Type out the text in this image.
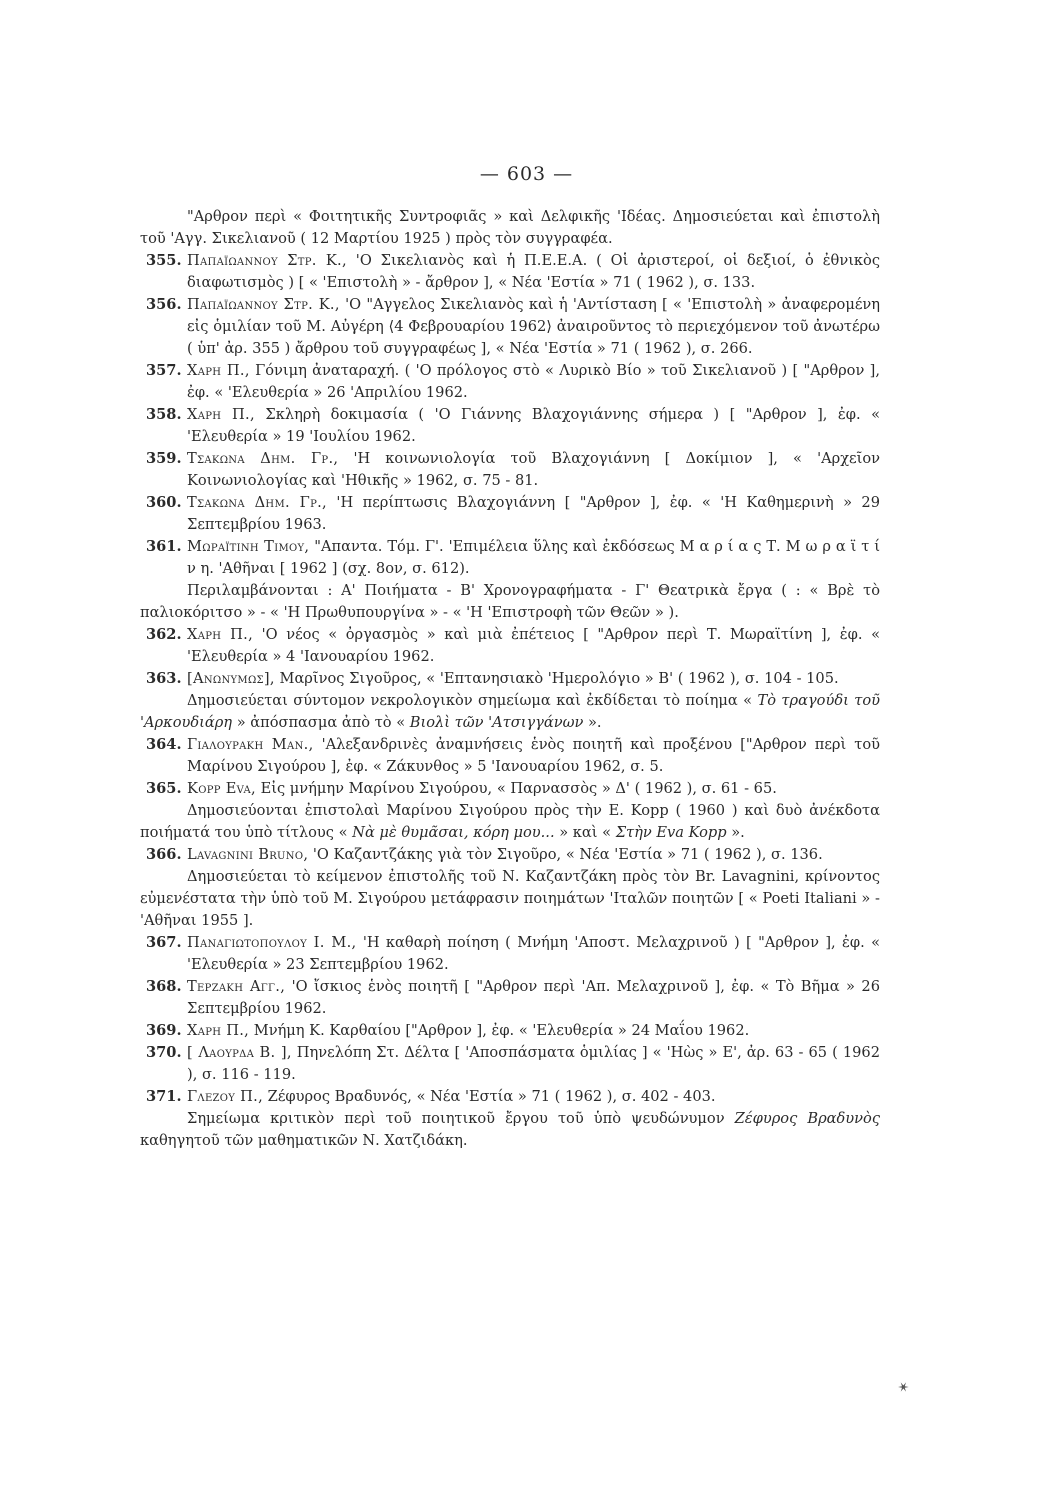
— 603 —

"Αρθρον περὶ « Φοιτητικῆς Συντροφιᾶς » καὶ Δελφικῆς 'Ιδέας. Δημοσιεύεται καὶ ἐπιστολὴ τοῦ 'Αγγ. Σικελιανοῦ ( 12 Μαρτίου 1925 ) πρὸς τὸν συγγραφέα.

355. Παπαϊωαννου Στρ. Κ., 'Ο Σικελιανὸς καὶ ἡ Π.Ε.Ε.Α. ( Οἱ ἀριστεροί, οἱ δεξιοί, ὁ ἐθνικὸς διαφωτισμὸς ) [ « 'Επιστολὴ » - ἄρθρον ], « Νέα 'Εστία » 71 ( 1962 ), σ. 133.
356. Παπαϊωαννου Στρ. Κ., 'Ο "Αγγελος Σικελιανὸς καὶ ἡ 'Αντίσταση [ « 'Επιστολὴ » ἀναφερομένη εἰς ὁμιλίαν τοῦ Μ. Αὐγέρη ⟨4 Φεβρουαρίου 1962⟩ ἀναιροῦντος τὸ περιεχόμενον τοῦ ἀνωτέρω ( ὑπ' ἀρ. 355 ) ἄρθρου τοῦ συγγραφέως ], « Νέα 'Εστία » 71 ( 1962 ), σ. 266.
357. Χαρη Π., Γόνιμη ἀναταραχή. ( 'Ο πρόλογος στὸ « Λυρικὸ Βίο » τοῦ Σικελιανοῦ ) [ "Αρθρον ], ἐφ. « 'Ελευθερία » 26 'Απριλίου 1962.
358. Χαρη Π., Σκληρὴ δοκιμασία ( 'Ο Γιάννης Βλαχογιάννης σήμερα ) [ "Αρθρον ], ἐφ. « 'Ελευθερία » 19 'Ιουλίου 1962.
359. Τσακωνα Δημ. Γρ., 'Η κοινωνιολογία τοῦ Βλαχογιάννη [ Δοκίμιον ], « 'Αρχεῖον Κοινωνιολογίας καὶ 'Ηθικῆς » 1962, σ. 75 - 81.
360. Τσακωνα Δημ. Γρ., 'Η περίπτωσις Βλαχογιάννη [ "Αρθρον ], ἐφ. « 'Η Καθημερινὴ » 29 Σεπτεμβρίου 1963.
361. Μωραϊτινη Τιμου, "Απαντα. Τόμ. Γ'. 'Επιμέλεια ὕλης καὶ ἐκδόσεως Μ α ρ ί α ς Τ. Μ ω ρ α ϊ τ ί ν η. 'Αθῆναι [ 1962 ] (σχ. 8ον, σ. 612).
Περιλαμβάνονται : Α' Ποιήματα - Β' Χρονογραφήματα - Γ' Θεατρικὰ ἔργα ( : « Βρὲ τὸ παλιοκόριτσο » - « 'Η Πρωθυπουργίνα » - « 'Η 'Επιστροφὴ τῶν Θεῶν » ).
362. Χαρη Π., 'Ο νέος « ὀργασμὸς » καὶ μιὰ ἐπέτειος [ "Αρθρον περὶ Τ. Μωραϊτίνη ], ἐφ. « 'Ελευθερία » 4 'Ιανουαρίου 1962.
363. [Ανωνυμως], Μαρῖνος Σιγοῦρος, « 'Επτανησιακὸ 'Ημερολόγιο » Β' ( 1962 ), σ. 104 - 105.
Δημοσιεύεται σύντομον νεκρολογικὸν σημείωμα καὶ ἐκδίδεται τὸ ποίημα « Τὸ τραγούδι τοῦ 'Αρκουδιάρη » ἀπόσπασμα ἀπὸ τὸ « Βιολὶ τῶν 'Ατσιγγάνων ».
364. Γιαλουρακη Μαν., 'Αλεξανδρινὲς ἀναμνήσεις ἑνὸς ποιητῆ καὶ προξένου ["Αρθρον περὶ τοῦ Μαρίνου Σιγούρου ], ἐφ. « Ζάκυνθος » 5 'Ιανουαρίου 1962, σ. 5.
365. Kopp Eva, Εἰς μνήμην Μαρίνου Σιγούρου, « Παρνασσὸς » Δ' ( 1962 ), σ. 61 - 65.
Δημοσιεύονται ἐπιστολαὶ Μαρίνου Σιγούρου πρὸς τὴν E. Kopp ( 1960 ) καὶ δυὸ ἀνέκδοτα ποιήματά του ὑπὸ τίτλους « Νὰ μὲ θυμᾶσαι, κόρη μου... » καὶ « Στὴν Eva Kopp ».
366. Lavagnini Bruno, 'Ο Καζαντζάκης γιὰ τὸν Σιγοῦρο, « Νέα 'Εστία » 71 ( 1962 ), σ. 136.
Δημοσιεύεται τὸ κείμενον ἐπιστολῆς τοῦ Ν. Καζαντζάκη πρὸς τὸν Br. Lavagnini, κρίνοντος εὐμενέστατα τὴν ὑπὸ τοῦ Μ. Σιγούρου μετάφρασιν ποιημάτων 'Ιταλῶν ποιητῶν [ « Poeti Italiani » - 'Αθῆναι 1955 ].
367. Παναγιωτοπουλου Ι. Μ., 'Η καθαρὴ ποίηση ( Μνήμη 'Αποστ. Μελαχρινοῦ ) [ "Αρθρον ], ἐφ. « 'Ελευθερία » 23 Σεπτεμβρίου 1962.
368. Τερζακη Αγγ., 'Ο ἴσκιος ἑνὸς ποιητῆ [ "Αρθρον περὶ 'Απ. Μελαχρινοῦ ], ἐφ. « Τὸ Βῆμα » 26 Σεπτεμβρίου 1962.
369. Χαρη Π., Μνήμη Κ. Καρθαίου ["Αρθρον ], ἐφ. « 'Ελευθερία » 24 Μαΐου 1962.
370. [ Λαουρδα Β. ], Πηνελόπη Στ. Δέλτα [ 'Αποσπάσματα ὁμιλίας ] « 'Ηὼς » Ε', ἀρ. 63 - 65 ( 1962 ), σ. 116 - 119.
371. Γλεζου Π., Ζέφυρος Βραδυνός, « Νέα 'Εστία » 71 ( 1962 ), σ. 402 - 403.
Σημείωμα κριτικὸν περὶ τοῦ ποιητικοῦ ἔργου τοῦ ὑπὸ ψευδώνυμον Ζέφυρος Βραδυνὸς καθηγητοῦ τῶν μαθηματικῶν Ν. Χατζιδάκη.
✶
